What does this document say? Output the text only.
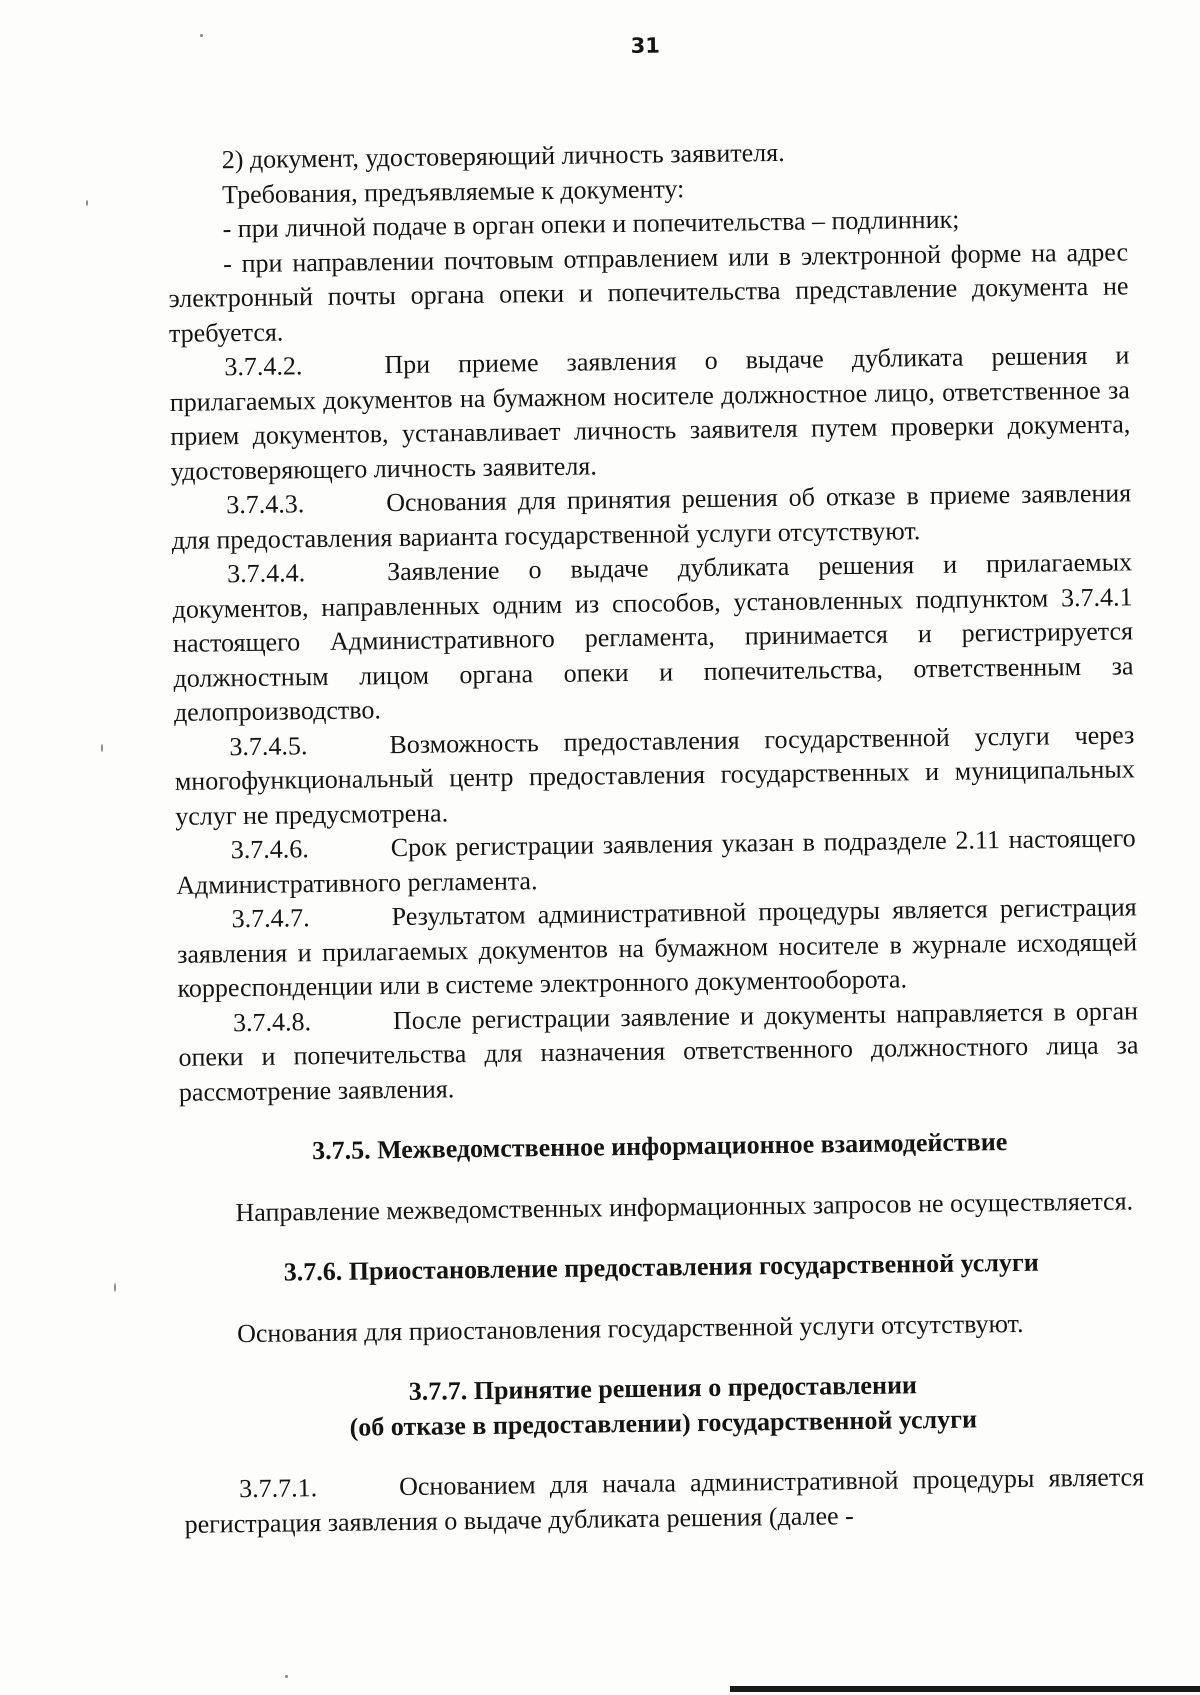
31

2) документ, удостоверяющий личность заявителя.

Требования, предъявляемые к документу:

- при личной подаче в орган опеки и попечительства – подлинник;

- при направлении почтовым отправлением или в электронной форме на адрес электронный почты органа опеки и попечительства представление документа не требуется.

3.7.4.2.	При приеме заявления о выдаче дубликата решения и прилагаемых документов на бумажном носителе должностное лицо, ответственное за прием документов, устанавливает личность заявителя путем проверки документа, удостоверяющего личность заявителя.

3.7.4.3.	Основания для принятия решения об отказе в приеме заявления для предоставления варианта государственной услуги отсутствуют.

3.7.4.4.	Заявление о выдаче дубликата решения и прилагаемых документов, направленных одним из способов, установленных подпунктом 3.7.4.1 настоящего Административного регламента, принимается и регистрируется должностным лицом органа опеки и попечительства, ответственным за делопроизводство.

3.7.4.5.	Возможность предоставления государственной услуги через многофункциональный центр предоставления государственных и муниципальных услуг не предусмотрена.

3.7.4.6.	Срок регистрации заявления указан в подразделе 2.11 настоящего Административного регламента.

3.7.4.7.	Результатом административной процедуры является регистрация заявления и прилагаемых документов на бумажном носителе в журнале исходящей корреспонденции или в системе электронного документооборота.

3.7.4.8.	После регистрации заявление и документы направляется в орган опеки и попечительства для назначения ответственного должностного лица за рассмотрение заявления.

3.7.5. Межведомственное информационное взаимодействие

Направление межведомственных информационных запросов не осуществляется.

3.7.6. Приостановление предоставления государственной услуги

Основания для приостановления государственной услуги отсутствуют.

3.7.7. Принятие решения о предоставлении
(об отказе в предоставлении) государственной услуги

3.7.7.1.	Основанием для начала административной процедуры является регистрация заявления о выдаче дубликата решения (далее -
